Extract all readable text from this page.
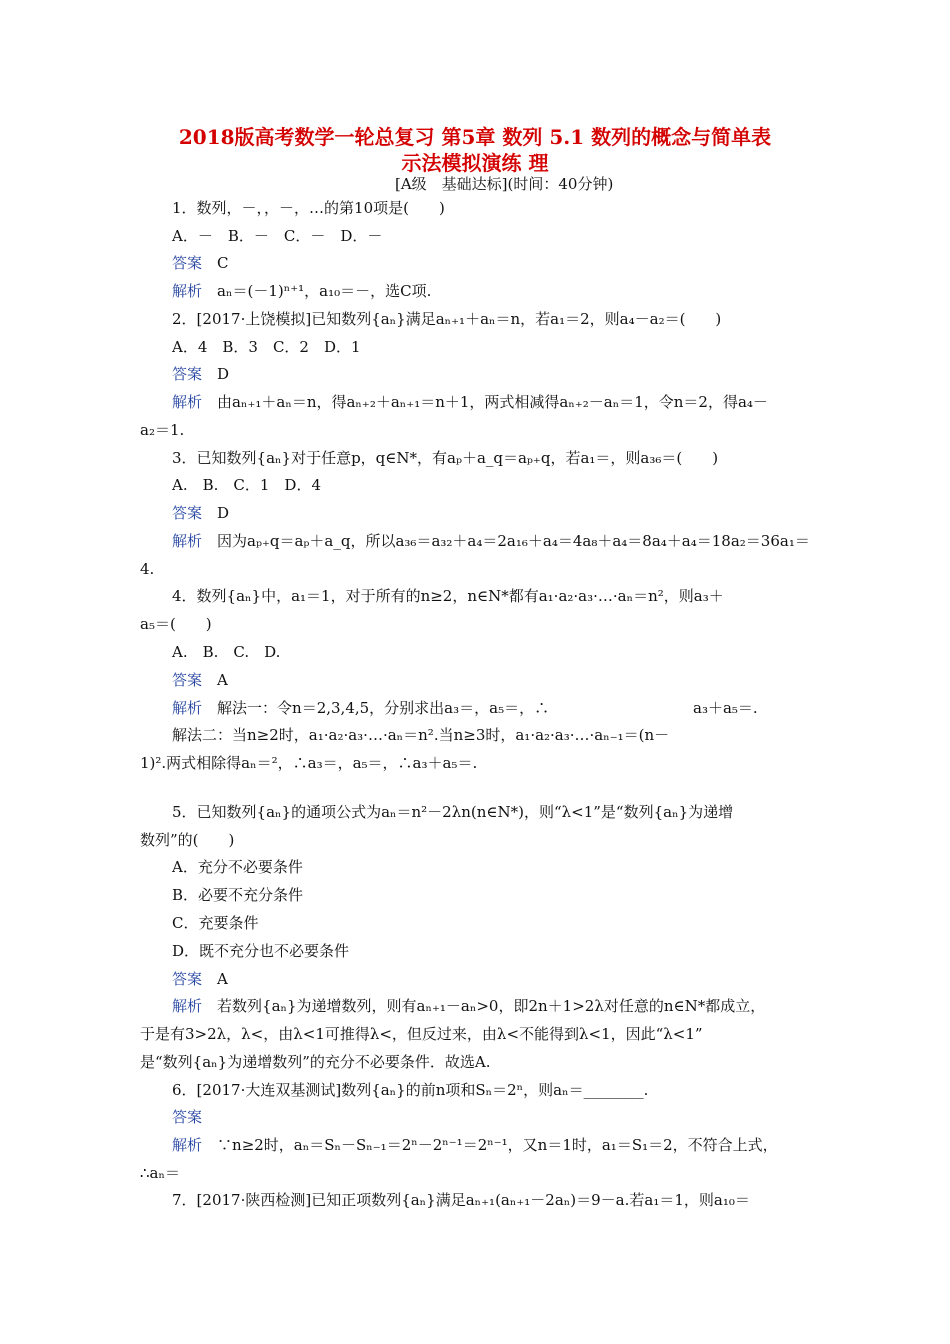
2018版高考数学一轮总复习 第5章 数列 5.1 数列的概念与简单表
示法模拟演练 理
[A级　基础达标](时间：40分钟)
1．数列，－，，－，…的第10项是(　　)
A．－　B．－　C．－　D．－
答案　 C
解析　 aₙ＝(－1)ⁿ⁺¹，a₁₀＝－，选C项.
2．[2017·上饶模拟]已知数列{aₙ}满足aₙ₊₁＋aₙ＝n，若a₁＝2，则a₄－a₂＝(　　)
A．4　B．3　C．2　D．1
答案　 D
解析　 由aₙ₊₁＋aₙ＝n，得aₙ₊₂＋aₙ₊₁＝n＋1，两式相减得aₙ₊₂－aₙ＝1，令n＝2，得a₄－
a₂＝1.
3．已知数列{aₙ}对于任意p，q∈N*，有aₚ＋a_q＝aₚ₊q，若a₁＝，则a₃₆＝(　　)
A.　B.　C．1　D．4
答案　 D
解析　 因为aₚ₊q＝aₚ＋a_q，所以a₃₆＝a₃₂＋a₄＝2a₁₆＋a₄＝4a₈＋a₄＝8a₄＋a₄＝18a₂＝36a₁＝
4.
4．数列{aₙ}中，a₁＝1，对于所有的n≥2，n∈N*都有a₁·a₂·a₃·…·aₙ＝n²，则a₃＋
a₅＝(　　)
A.　B.　C.　D.
答案　 A
解析　 解法一：令n＝2,3,4,5，分别求出a₃＝，a₅＝，∴	a₃＋a₅＝.
解法二：当n≥2时，a₁·a₂·a₃·…·aₙ＝n².当n≥3时，a₁·a₂·a₃·…·aₙ₋₁＝(n－
1)².两式相除得aₙ＝²，∴a₃＝，a₅＝，∴a₃＋a₅＝.
5．已知数列{aₙ}的通项公式为aₙ＝n²－2λn(n∈N*)，则“λ<1”是“数列{aₙ}为递增
数列”的(　　)
A．充分不必要条件
B．必要不充分条件
C．充要条件
D．既不充分也不必要条件
答案　 A
解析　 若数列{aₙ}为递增数列，则有aₙ₊₁－aₙ>0，即2n＋1>2λ对任意的n∈N*都成立，
于是有3>2λ，λ<，由λ<1可推得λ<，但反过来，由λ<不能得到λ<1，因此“λ<1”
是“数列{aₙ}为递增数列”的充分不必要条件．故选A.
6．[2017·大连双基测试]数列{aₙ}的前n项和Sₙ＝2ⁿ，则aₙ＝________.
答案
解析　 ∵n≥2时，aₙ＝Sₙ－Sₙ₋₁＝2ⁿ－2ⁿ⁻¹＝2ⁿ⁻¹，又n＝1时，a₁＝S₁＝2，不符合上式，
∴aₙ＝
7．[2017·陕西检测]已知正项数列{aₙ}满足aₙ₊₁(aₙ₊₁－2aₙ)＝9－a.若a₁＝1，则a₁₀＝
